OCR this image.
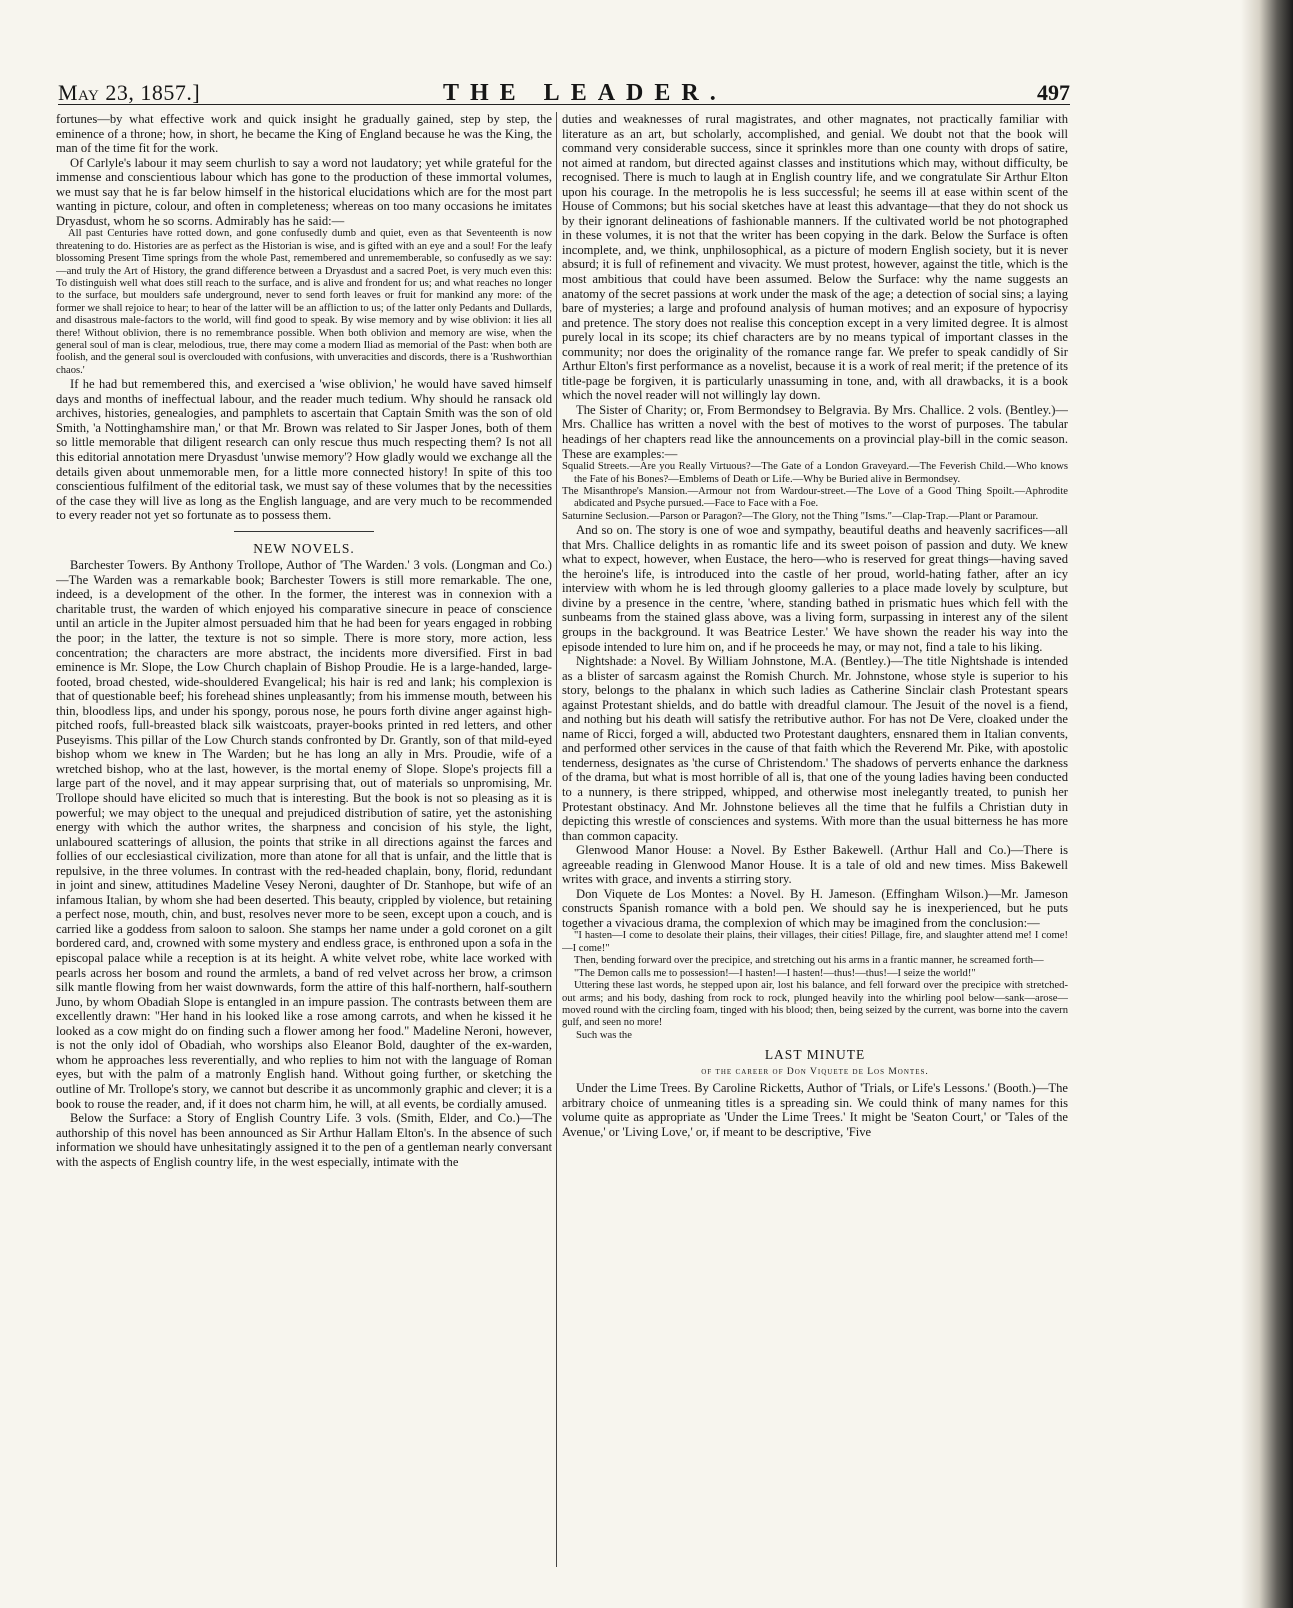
May 23, 1857.]	THE LEADER.	497

fortunes—by what effective work and quick insight he gradually gained, step by step, the eminence of a throne; how, in short, he became the King of England because he was the King, the man of the time fit for the work.

Of Carlyle's labour it may seem churlish to say a word not laudatory; yet while grateful for the immense and conscientious labour which has gone to the production of these immortal volumes, we must say that he is far below himself in the historical elucidations which are for the most part wanting in picture, colour, and often in completeness; whereas on too many occasions he imitates Dryasdust, whom he so scorns. Admirably has he said:—

All past Centuries have rotted down, and gone confusedly dumb and quiet, even as that Seventeenth is now threatening to do. Histories are as perfect as the Historian is wise, and is gifted with an eye and a soul! For the leafy blossoming Present Time springs from the whole Past, remembered and unrememberable, so confusedly as we say:—and truly the Art of History, the grand difference between a Dryasdust and a sacred Poet, is very much even this: To distinguish well what does still reach to the surface, and is alive and frondent for us; and what reaches no longer to the surface, but moulders safe underground, never to send forth leaves or fruit for mankind any more: of the former we shall rejoice to hear; to hear of the latter will be an affliction to us; of the latter only Pedants and Dullards, and disastrous male-factors to the world, will find good to speak. By wise memory and by wise oblivion: it lies all there! Without oblivion, there is no remembrance possible. When both oblivion and memory are wise, when the general soul of man is clear, melodious, true, there may come a modern Iliad as memorial of the Past: when both are foolish, and the general soul is overclouded with confusions, with unveracities and discords, there is a 'Rushworthian chaos.'

If he had but remembered this, and exercised a 'wise oblivion,' he would have saved himself days and months of ineffectual labour, and the reader much tedium. Why should he ransack old archives, histories, genealogies, and pamphlets to ascertain that Captain Smith was the son of old Smith, 'a Nottinghamshire man,' or that Mr. Brown was related to Sir Jasper Jones, both of them so little memorable that diligent research can only rescue thus much respecting them? Is not all this editorial annotation mere Dryasdust 'unwise memory'? How gladly would we exchange all the details given about unmemorable men, for a little more connected history! In spite of this too conscientious fulfilment of the editorial task, we must say of these volumes that by the necessities of the case they will live as long as the English language, and are very much to be recommended to every reader not yet so fortunate as to possess them.

NEW NOVELS.

Barchester Towers. By Anthony Trollope, Author of 'The Warden.' 3 vols. (Longman and Co.)—The Warden was a remarkable book; Barchester Towers is still more remarkable. The one, indeed, is a development of the other. In the former, the interest was in connexion with a charitable trust, the warden of which enjoyed his comparative sinecure in peace of conscience until an article in the Jupiter almost persuaded him that he had been for years engaged in robbing the poor; in the latter, the texture is not so simple. There is more story, more action, less concentration; the characters are more abstract, the incidents more diversified. First in bad eminence is Mr. Slope, the Low Church chaplain of Bishop Proudie. He is a large-handed, large-footed, broad chested, wide-shouldered Evangelical; his hair is red and lank; his complexion is that of questionable beef; his forehead shines unpleasantly; from his immense mouth, between his thin, bloodless lips, and under his spongy, porous nose, he pours forth divine anger against high-pitched roofs, full-breasted black silk waistcoats, prayer-books printed in red letters, and other Puseyisms. This pillar of the Low Church stands confronted by Dr. Grantly, son of that mild-eyed bishop whom we knew in The Warden; but he has long an ally in Mrs. Proudie, wife of a wretched bishop, who at the last, however, is the mortal enemy of Slope. Slope's projects fill a large part of the novel, and it may appear surprising that, out of materials so unpromising, Mr. Trollope should have elicited so much that is interesting. But the book is not so pleasing as it is powerful; we may object to the unequal and prejudiced distribution of satire, yet the astonishing energy with which the author writes, the sharpness and concision of his style, the light, unlaboured scatterings of allusion, the points that strike in all directions against the farces and follies of our ecclesiastical civilization, more than atone for all that is unfair, and the little that is repulsive, in the three volumes. In contrast with the red-headed chaplain, bony, florid, redundant in joint and sinew, attitudines Madeline Vesey Neroni, daughter of Dr. Stanhope, but wife of an infamous Italian, by whom she had been deserted. This beauty, crippled by violence, but retaining a perfect nose, mouth, chin, and bust, resolves never more to be seen, except upon a couch, and is carried like a goddess from saloon to saloon. She stamps her name under a gold coronet on a gilt bordered card, and, crowned with some mystery and endless grace, is enthroned upon a sofa in the episcopal palace while a reception is at its height. A white velvet robe, white lace worked with pearls across her bosom and round the armlets, a band of red velvet across her brow, a crimson silk mantle flowing from her waist downwards, form the attire of this half-northern, half-southern Juno, by whom Obadiah Slope is entangled in an impure passion. The contrasts between them are excellently drawn: "Her hand in his looked like a rose among carrots, and when he kissed it he looked as a cow might do on finding such a flower among her food." Madeline Neroni, however, is not the only idol of Obadiah, who worships also Eleanor Bold, daughter of the ex-warden, whom he approaches less reverentially, and who replies to him not with the language of Roman eyes, but with the palm of a matronly English hand. Without going further, or sketching the outline of Mr. Trollope's story, we cannot but describe it as uncommonly graphic and clever; it is a book to rouse the reader, and, if it does not charm him, he will, at all events, be cordially amused.

Below the Surface: a Story of English Country Life. 3 vols. (Smith, Elder, and Co.)—The authorship of this novel has been announced as Sir Arthur Hallam Elton's. In the absence of such information we should have unhesitatingly assigned it to the pen of a gentleman nearly conversant with the aspects of English country life, in the west especially, intimate with the

duties and weaknesses of rural magistrates, and other magnates, not practically familiar with literature as an art, but scholarly, accomplished, and genial. We doubt not that the book will command very considerable success, since it sprinkles more than one county with drops of satire, not aimed at random, but directed against classes and institutions which may, without difficulty, be recognised. There is much to laugh at in English country life, and we congratulate Sir Arthur Elton upon his courage. In the metropolis he is less successful; he seems ill at ease within scent of the House of Commons; but his social sketches have at least this advantage—that they do not shock us by their ignorant delineations of fashionable manners. If the cultivated world be not photographed in these volumes, it is not that the writer has been copying in the dark. Below the Surface is often incomplete, and, we think, unphilosophical, as a picture of modern English society, but it is never absurd; it is full of refinement and vivacity. We must protest, however, against the title, which is the most ambitious that could have been assumed. Below the Surface: why the name suggests an anatomy of the secret passions at work under the mask of the age; a detection of social sins; a laying bare of mysteries; a large and profound analysis of human motives; and an exposure of hypocrisy and pretence. The story does not realise this conception except in a very limited degree. It is almost purely local in its scope; its chief characters are by no means typical of important classes in the community; nor does the originality of the romance range far. We prefer to speak candidly of Sir Arthur Elton's first performance as a novelist, because it is a work of real merit; if the pretence of its title-page be forgiven, it is particularly unassuming in tone, and, with all drawbacks, it is a book which the novel reader will not willingly lay down.

The Sister of Charity; or, From Bermondsey to Belgravia. By Mrs. Challice. 2 vols. (Bentley.)—Mrs. Challice has written a novel with the best of motives to the worst of purposes. The tabular headings of her chapters read like the announcements on a provincial play-bill in the comic season. These are examples:—

Squalid Streets.—Are you Really Virtuous?—The Gate of a London Graveyard.—The Feverish Child.—Who knows the Fate of his Bones?—Emblems of Death or Life.—Why be Buried alive in Bermondsey.

The Misanthrope's Mansion.—Armour not from Wardour-street.—The Love of a Good Thing Spoilt.—Aphrodite abdicated and Psyche pursued.—Face to Face with a Foe.

Saturnine Seclusion.—Parson or Paragon?—The Glory, not the Thing "Isms."—Clap-Trap.—Plant or Paramour.

And so on. The story is one of woe and sympathy, beautiful deaths and heavenly sacrifices—all that Mrs. Challice delights in as romantic life and its sweet poison of passion and duty. We knew what to expect, however, when Eustace, the hero—who is reserved for great things—having saved the heroine's life, is introduced into the castle of her proud, world-hating father, after an icy interview with whom he is led through gloomy galleries to a place made lovely by sculpture, but divine by a presence in the centre, 'where, standing bathed in prismatic hues which fell with the sunbeams from the stained glass above, was a living form, surpassing in interest any of the silent groups in the background. It was Beatrice Lester.' We have shown the reader his way into the episode intended to lure him on, and if he proceeds he may, or may not, find a tale to his liking.

Nightshade: a Novel. By William Johnstone, M.A. (Bentley.)—The title Nightshade is intended as a blister of sarcasm against the Romish Church. Mr. Johnstone, whose style is superior to his story, belongs to the phalanx in which such ladies as Catherine Sinclair clash Protestant spears against Protestant shields, and do battle with dreadful clamour. The Jesuit of the novel is a fiend, and nothing but his death will satisfy the retributive author. For has not De Vere, cloaked under the name of Ricci, forged a will, abducted two Protestant daughters, ensnared them in Italian convents, and performed other services in the cause of that faith which the Reverend Mr. Pike, with apostolic tenderness, designates as 'the curse of Christendom.' The shadows of perverts enhance the darkness of the drama, but what is most horrible of all is, that one of the young ladies having been conducted to a nunnery, is there stripped, whipped, and otherwise most inelegantly treated, to punish her Protestant obstinacy. And Mr. Johnstone believes all the time that he fulfils a Christian duty in depicting this wrestle of consciences and systems. With more than the usual bitterness he has more than common capacity.

Glenwood Manor House: a Novel. By Esther Bakewell. (Arthur Hall and Co.)—There is agreeable reading in Glenwood Manor House. It is a tale of old and new times. Miss Bakewell writes with grace, and invents a stirring story.

Don Viquete de Los Montes: a Novel. By H. Jameson. (Effingham Wilson.)—Mr. Jameson constructs Spanish romance with a bold pen. We should say he is inexperienced, but he puts together a vivacious drama, the complexion of which may be imagined from the conclusion:—

"I hasten—I come to desolate their plains, their villages, their cities! Pillage, fire, and slaughter attend me! I come!—I come!"

Then, bending forward over the precipice, and stretching out his arms in a frantic manner, he screamed forth—

"The Demon calls me to possession!—I hasten!—I hasten!—thus!—thus!—I seize the world!"

Uttering these last words, he stepped upon air, lost his balance, and fell forward over the precipice with stretched-out arms; and his body, dashing from rock to rock, plunged heavily into the whirling pool below—sank—arose—moved round with the circling foam, tinged with his blood; then, being seized by the current, was borne into the cavern gulf, and seen no more!

Such was the

LAST MINUTE
of the career of Don Viquete de Los Montes.

Under the Lime Trees. By Caroline Ricketts, Author of 'Trials, or Life's Lessons.' (Booth.)—The arbitrary choice of unmeaning titles is a spreading sin. We could think of many names for this volume quite as appropriate as 'Under the Lime Trees.' It might be 'Seaton Court,' or 'Tales of the Avenue,' or 'Living Love,' or, if meant to be descriptive, 'Five
